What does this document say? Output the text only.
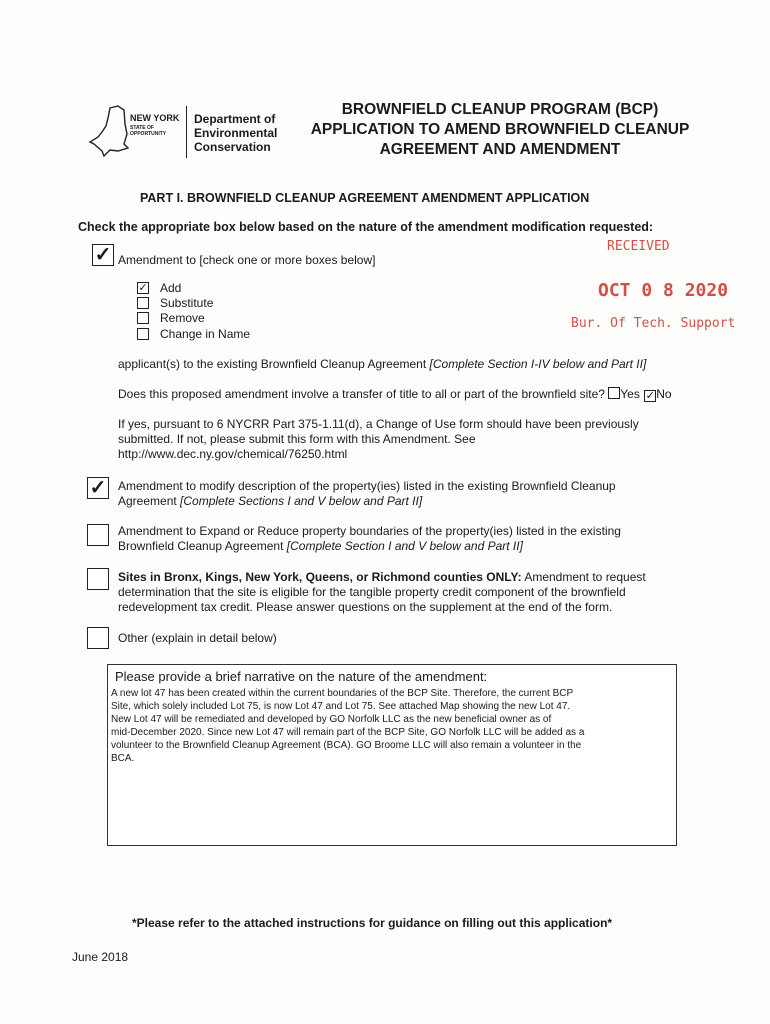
NEW YORK
STATE OF OPPORTUNITY
Department of
Environmental
Conservation
BROWNFIELD CLEANUP PROGRAM (BCP)
APPLICATION TO AMEND BROWNFIELD CLEANUP
AGREEMENT AND AMENDMENT
PART I. BROWNFIELD CLEANUP AGREEMENT AMENDMENT APPLICATION
Check the appropriate box below based on the nature of the amendment modification requested:
RECEIVED
OCT 0 8 2020
Bur. Of Tech. Support
✓ Amendment to [check one or more boxes below]
✓ Add
Substitute
Remove
Change in Name
applicant(s) to the existing Brownfield Cleanup Agreement [Complete Section I-IV below and Part II]
Does this proposed amendment involve a transfer of title to all or part of the brownfield site? Yes ✓ No
If yes, pursuant to 6 NYCRR Part 375-1.11(d), a Change of Use form should have been previously
submitted. If not, please submit this form with this Amendment. See
http://www.dec.ny.gov/chemical/76250.html
✓ Amendment to modify description of the property(ies) listed in the existing Brownfield Cleanup
Agreement [Complete Sections I and V below and Part II]
Amendment to Expand or Reduce property boundaries of the property(ies) listed in the existing
Brownfield Cleanup Agreement [Complete Section I and V below and Part II]
Sites in Bronx, Kings, New York, Queens, or Richmond counties ONLY: Amendment to request
determination that the site is eligible for the tangible property credit component of the brownfield
redevelopment tax credit. Please answer questions on the supplement at the end of the form.
Other (explain in detail below)
Please provide a brief narrative on the nature of the amendment:
A new lot 47 has been created within the current boundaries of the BCP Site. Therefore, the current BCP
Site, which solely included Lot 75, is now Lot 47 and Lot 75. See attached Map showing the new Lot 47.
New Lot 47 will be remediated and developed by GO Norfolk LLC as the new beneficial owner as of
mid-December 2020. Since new Lot 47 will remain part of the BCP Site, GO Norfolk LLC will be added as a
volunteer to the Brownfield Cleanup Agreement (BCA). GO Broome LLC will also remain a volunteer in the
BCA.
*Please refer to the attached instructions for guidance on filling out this application*
June 2018
